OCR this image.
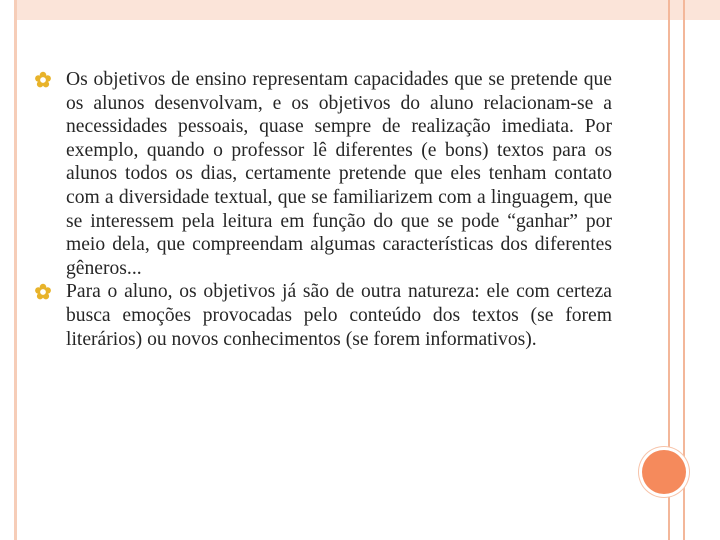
Os objetivos de ensino representam capacidades que se pretende que os alunos desenvolvam, e os objetivos do aluno relacionam-se a necessidades pessoais, quase sempre de realização imediata. Por exemplo, quando o professor lê diferentes (e bons) textos para os alunos todos os dias, certamente pretende que eles tenham contato com a diversidade textual, que se familiarizem com a linguagem, que se interessem pela leitura em função do que se pode “ganhar” por meio dela, que compreendam algumas características dos diferentes gêneros...
Para o aluno, os objetivos já são de outra natureza: ele com certeza busca emoções provocadas pelo conteúdo dos textos (se forem literários) ou novos conhecimentos (se forem informativos).
